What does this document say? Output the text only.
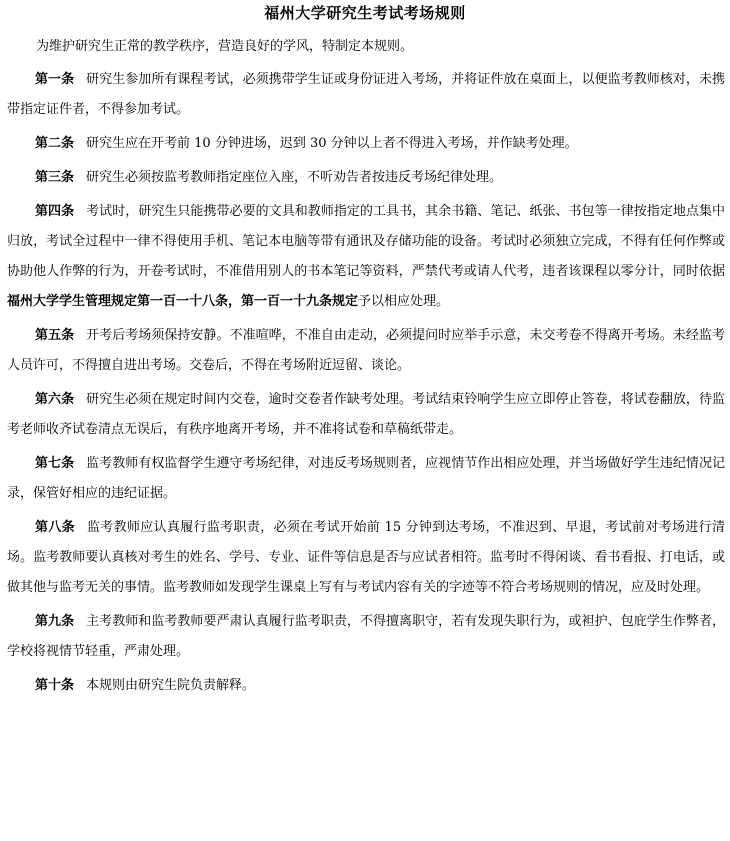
福州大学研究生考试考场规则
为维护研究生正常的教学秩序，营造良好的学风，特制定本规则。

第一条 研究生参加所有课程考试，必须携带学生证或身份证进入考场，并将证件放在桌面上，以便监考教师核对，未携带指定证件者，不得参加考试。

第二条 研究生应在开考前 10 分钟进场，迟到 30 分钟以上者不得进入考场，并作缺考处理。

第三条 研究生必须按监考教师指定座位入座，不听劝告者按违反考场纪律处理。

第四条 考试时，研究生只能携带必要的文具和教师指定的工具书，其余书籍、笔记、纸张、书包等一律按指定地点集中归放，考试全过程中一律不得使用手机、笔记本电脑等带有通讯及存储功能的设备。考试时必须独立完成，不得有任何作弊或协助他人作弊的行为，开卷考试时，不准借用别人的书本笔记等资料，严禁代考或请人代考，违者该课程以零分计，同时依据福州大学学生管理规定第一百一十八条，第一百一十九条规定予以相应处理。

第五条 开考后考场须保持安静。不准喧哗，不准自由走动，必须提问时应举手示意，未交考卷不得离开考场。未经监考人员许可，不得擅自进出考场。交卷后，不得在考场附近逗留、谈论。

第六条 研究生必须在规定时间内交卷，逾时交卷者作缺考处理。考试结束铃响学生应立即停止答卷，将试卷翻放，待监考老师收齐试卷清点无误后，有秩序地离开考场，并不准将试卷和草稿纸带走。

第七条 监考教师有权监督学生遵守考场纪律，对违反考场规则者，应视情节作出相应处理，并当场做好学生违纪情况记录，保管好相应的违纪证据。

第八条 监考教师应认真履行监考职责，必须在考试开始前 15 分钟到达考场，不准迟到、早退，考试前对考场进行清场。监考教师要认真核对考生的姓名、学号、专业、证件等信息是否与应试者相符。监考时不得闲谈、看书看报、打电话，或做其他与监考无关的事情。监考教师如发现学生课桌上写有与考试内容有关的字迹等不符合考场规则的情况，应及时处理。

第九条 主考教师和监考教师要严肃认真履行监考职责，不得擅离职守，若有发现失职行为，或袒护、包庇学生作弊者，学校将视情节轻重，严肃处理。

第十条 本规则由研究生院负责解释。
